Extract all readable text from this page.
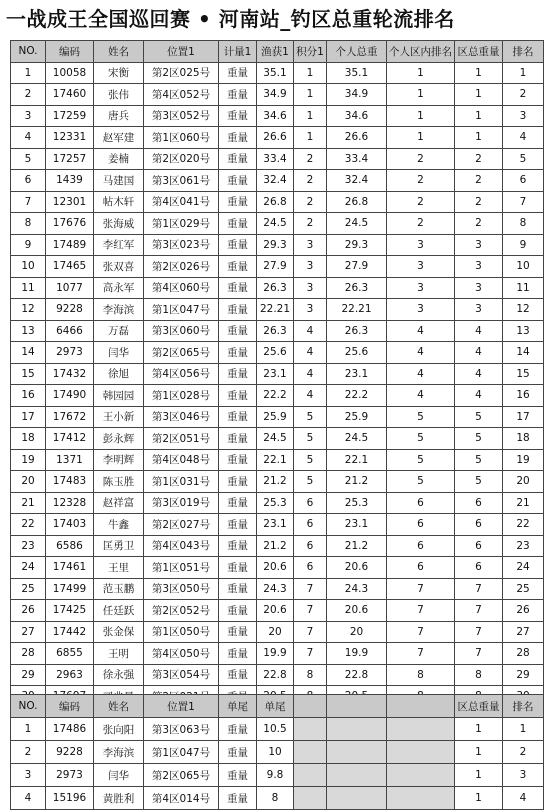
一战成王全国巡回赛 • 河南站_钓区总重轮流排名
NO.	编码	姓名	位置1	计量1	渔获1	积分1	个人总重	个人区内排名	区总重量	排名
1	10058	宋衡	第2区025号	重量	35.1	1	35.1	1	1	1
2	17460	张伟	第4区052号	重量	34.9	1	34.9	1	1	2
3	17259	唐兵	第3区052号	重量	34.6	1	34.6	1	1	3
4	12331	赵军建	第1区060号	重量	26.6	1	26.6	1	1	4
5	17257	姜楠	第2区020号	重量	33.4	2	33.4	2	2	5
6	1439	马建国	第3区061号	重量	32.4	2	32.4	2	2	6
7	12301	帖木轩	第4区041号	重量	26.8	2	26.8	2	2	7
8	17676	张海威	第1区029号	重量	24.5	2	24.5	2	2	8
9	17489	李红军	第3区023号	重量	29.3	3	29.3	3	3	9
10	17465	张双喜	第2区026号	重量	27.9	3	27.9	3	3	10
11	1077	高永军	第4区060号	重量	26.3	3	26.3	3	3	11
12	9228	李海滨	第1区047号	重量	22.21	3	22.21	3	3	12
13	6466	万磊	第3区060号	重量	26.3	4	26.3	4	4	13
14	2973	闫华	第2区065号	重量	25.6	4	25.6	4	4	14
15	17432	徐旭	第4区056号	重量	23.1	4	23.1	4	4	15
16	17490	韩园园	第1区028号	重量	22.2	4	22.2	4	4	16
17	17672	王小新	第3区046号	重量	25.9	5	25.9	5	5	17
18	17412	彭永辉	第2区051号	重量	24.5	5	24.5	5	5	18
19	1371	李明辉	第4区048号	重量	22.1	5	22.1	5	5	19
20	17483	陈玉胜	第1区031号	重量	21.2	5	21.2	5	5	20
21	12328	赵祥富	第3区019号	重量	25.3	6	25.3	6	6	21
22	17403	牛鑫	第2区027号	重量	23.1	6	23.1	6	6	22
23	6586	匡勇卫	第4区043号	重量	21.2	6	21.2	6	6	23
24	17461	王里	第1区051号	重量	20.6	6	20.6	6	6	24
25	17499	范玉鹏	第3区050号	重量	24.3	7	24.3	7	7	25
26	17425	任廷跃	第2区052号	重量	20.6	7	20.6	7	7	26
27	17442	张金保	第1区050号	重量	20	7	20	7	7	27
28	6855	王明	第4区050号	重量	19.9	7	19.9	7	7	28
29	2963	徐永强	第3区054号	重量	22.8	8	22.8	8	8	29

NO.	编码	姓名	位置1	单尾	单尾				区总重量	排名
1	17486	张向阳	第3区063号	重量	10.5				1	1
2	9228	李海滨	第1区047号	重量	10				1	2
3	2973	闫华	第2区065号	重量	9.8				1	3
4	15196	黄胜利	第4区014号	重量	8				1	4
